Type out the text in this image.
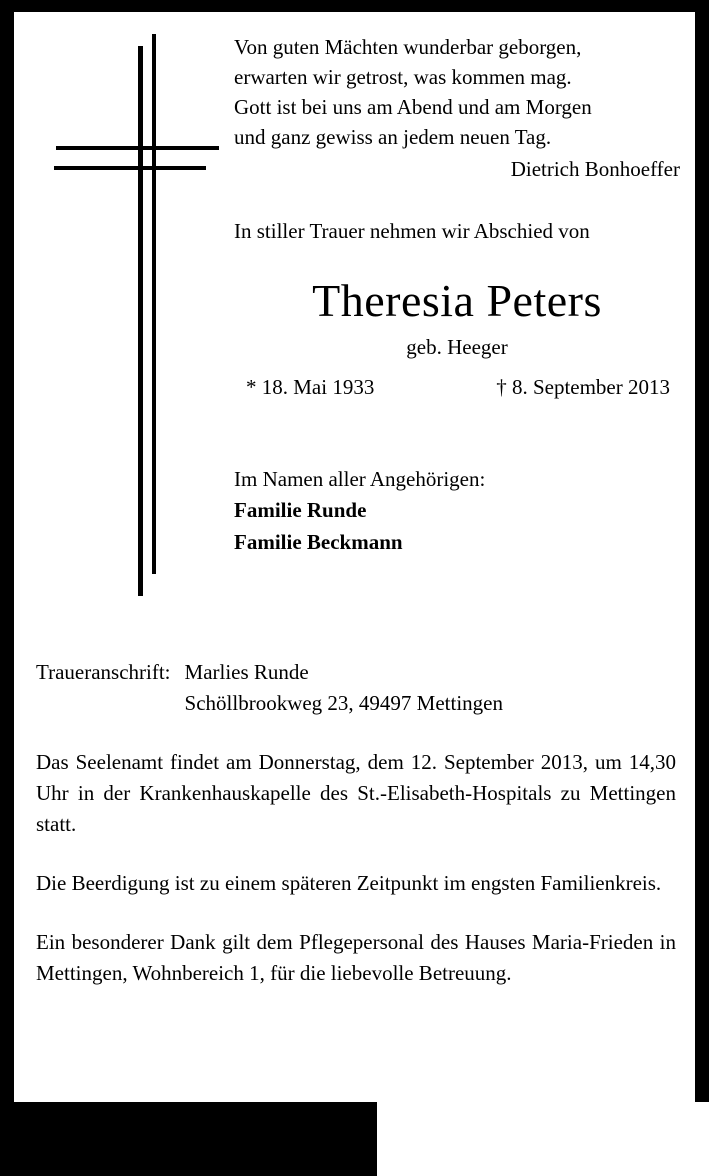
Von guten Mächten wunderbar geborgen,
erwarten wir getrost, was kommen mag.
Gott ist bei uns am Abend und am Morgen
und ganz gewiss an jedem neuen Tag.
Dietrich Bonhoeffer
In stiller Trauer nehmen wir Abschied von
Theresia Peters
geb. Heeger
* 18. Mai 1933	† 8. September 2013
Im Namen aller Angehörigen:
Familie Runde
Familie Beckmann
Traueranschrift: Marlies Runde
Schöllbrookweg 23, 49497 Mettingen
Das Seelenamt findet am Donnerstag, dem 12. September 2013, um 14,30 Uhr in der Krankenhauskapelle des St.-Elisabeth-Hospitals zu Mettingen statt.
Die Beerdigung ist zu einem späteren Zeitpunkt im engsten Familienkreis.
Ein besonderer Dank gilt dem Pflegepersonal des Hauses Maria-Frieden in Mettingen, Wohnbereich 1, für die liebevolle Betreuung.
